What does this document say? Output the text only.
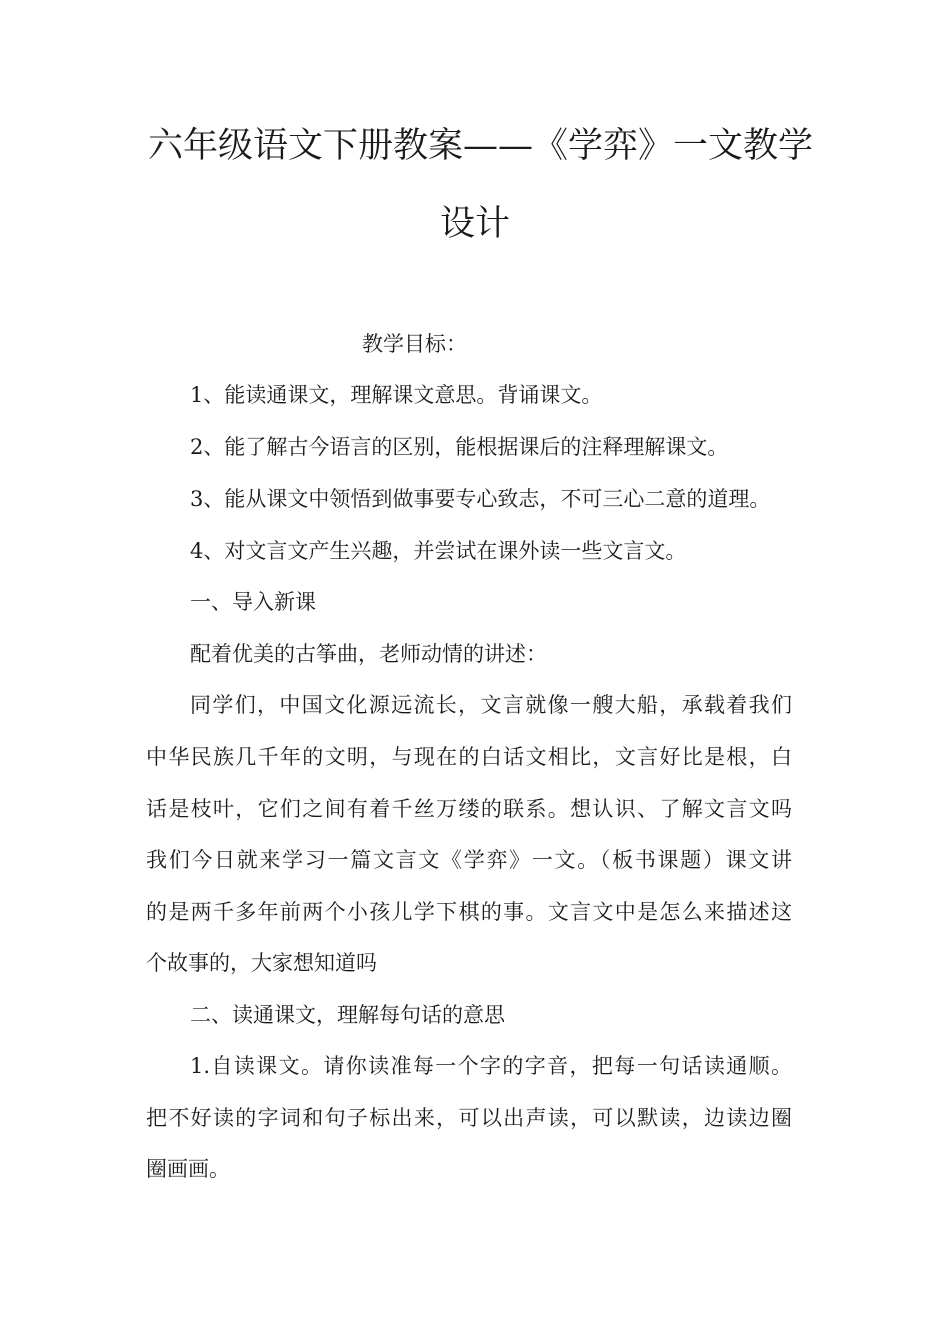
六年级语文下册教案——《学弈》一文教学
设计
教学目标：
1、能读通课文，理解课文意思。背诵课文。
2、能了解古今语言的区别，能根据课后的注释理解课文。
3、能从课文中领悟到做事要专心致志，不可三心二意的道理。
4、对文言文产生兴趣，并尝试在课外读一些文言文。
一、导入新课
配着优美的古筝曲，老师动情的讲述：
同学们，中国文化源远流长，文言就像一艘大船，承载着我们
中华民族几千年的文明，与现在的白话文相比，文言好比是根，白
话是枝叶，它们之间有着千丝万缕的联系。想认识、了解文言文吗
我们今日就来学习一篇文言文《学弈》一文。（板书课题）课文讲
的是两千多年前两个小孩儿学下棋的事。文言文中是怎么来描述这
个故事的，大家想知道吗
二、读通课文，理解每句话的意思
1.自读课文。请你读准每一个字的字音，把每一句话读通顺。
把不好读的字词和句子标出来，可以出声读，可以默读，边读边圈
圈画画。
